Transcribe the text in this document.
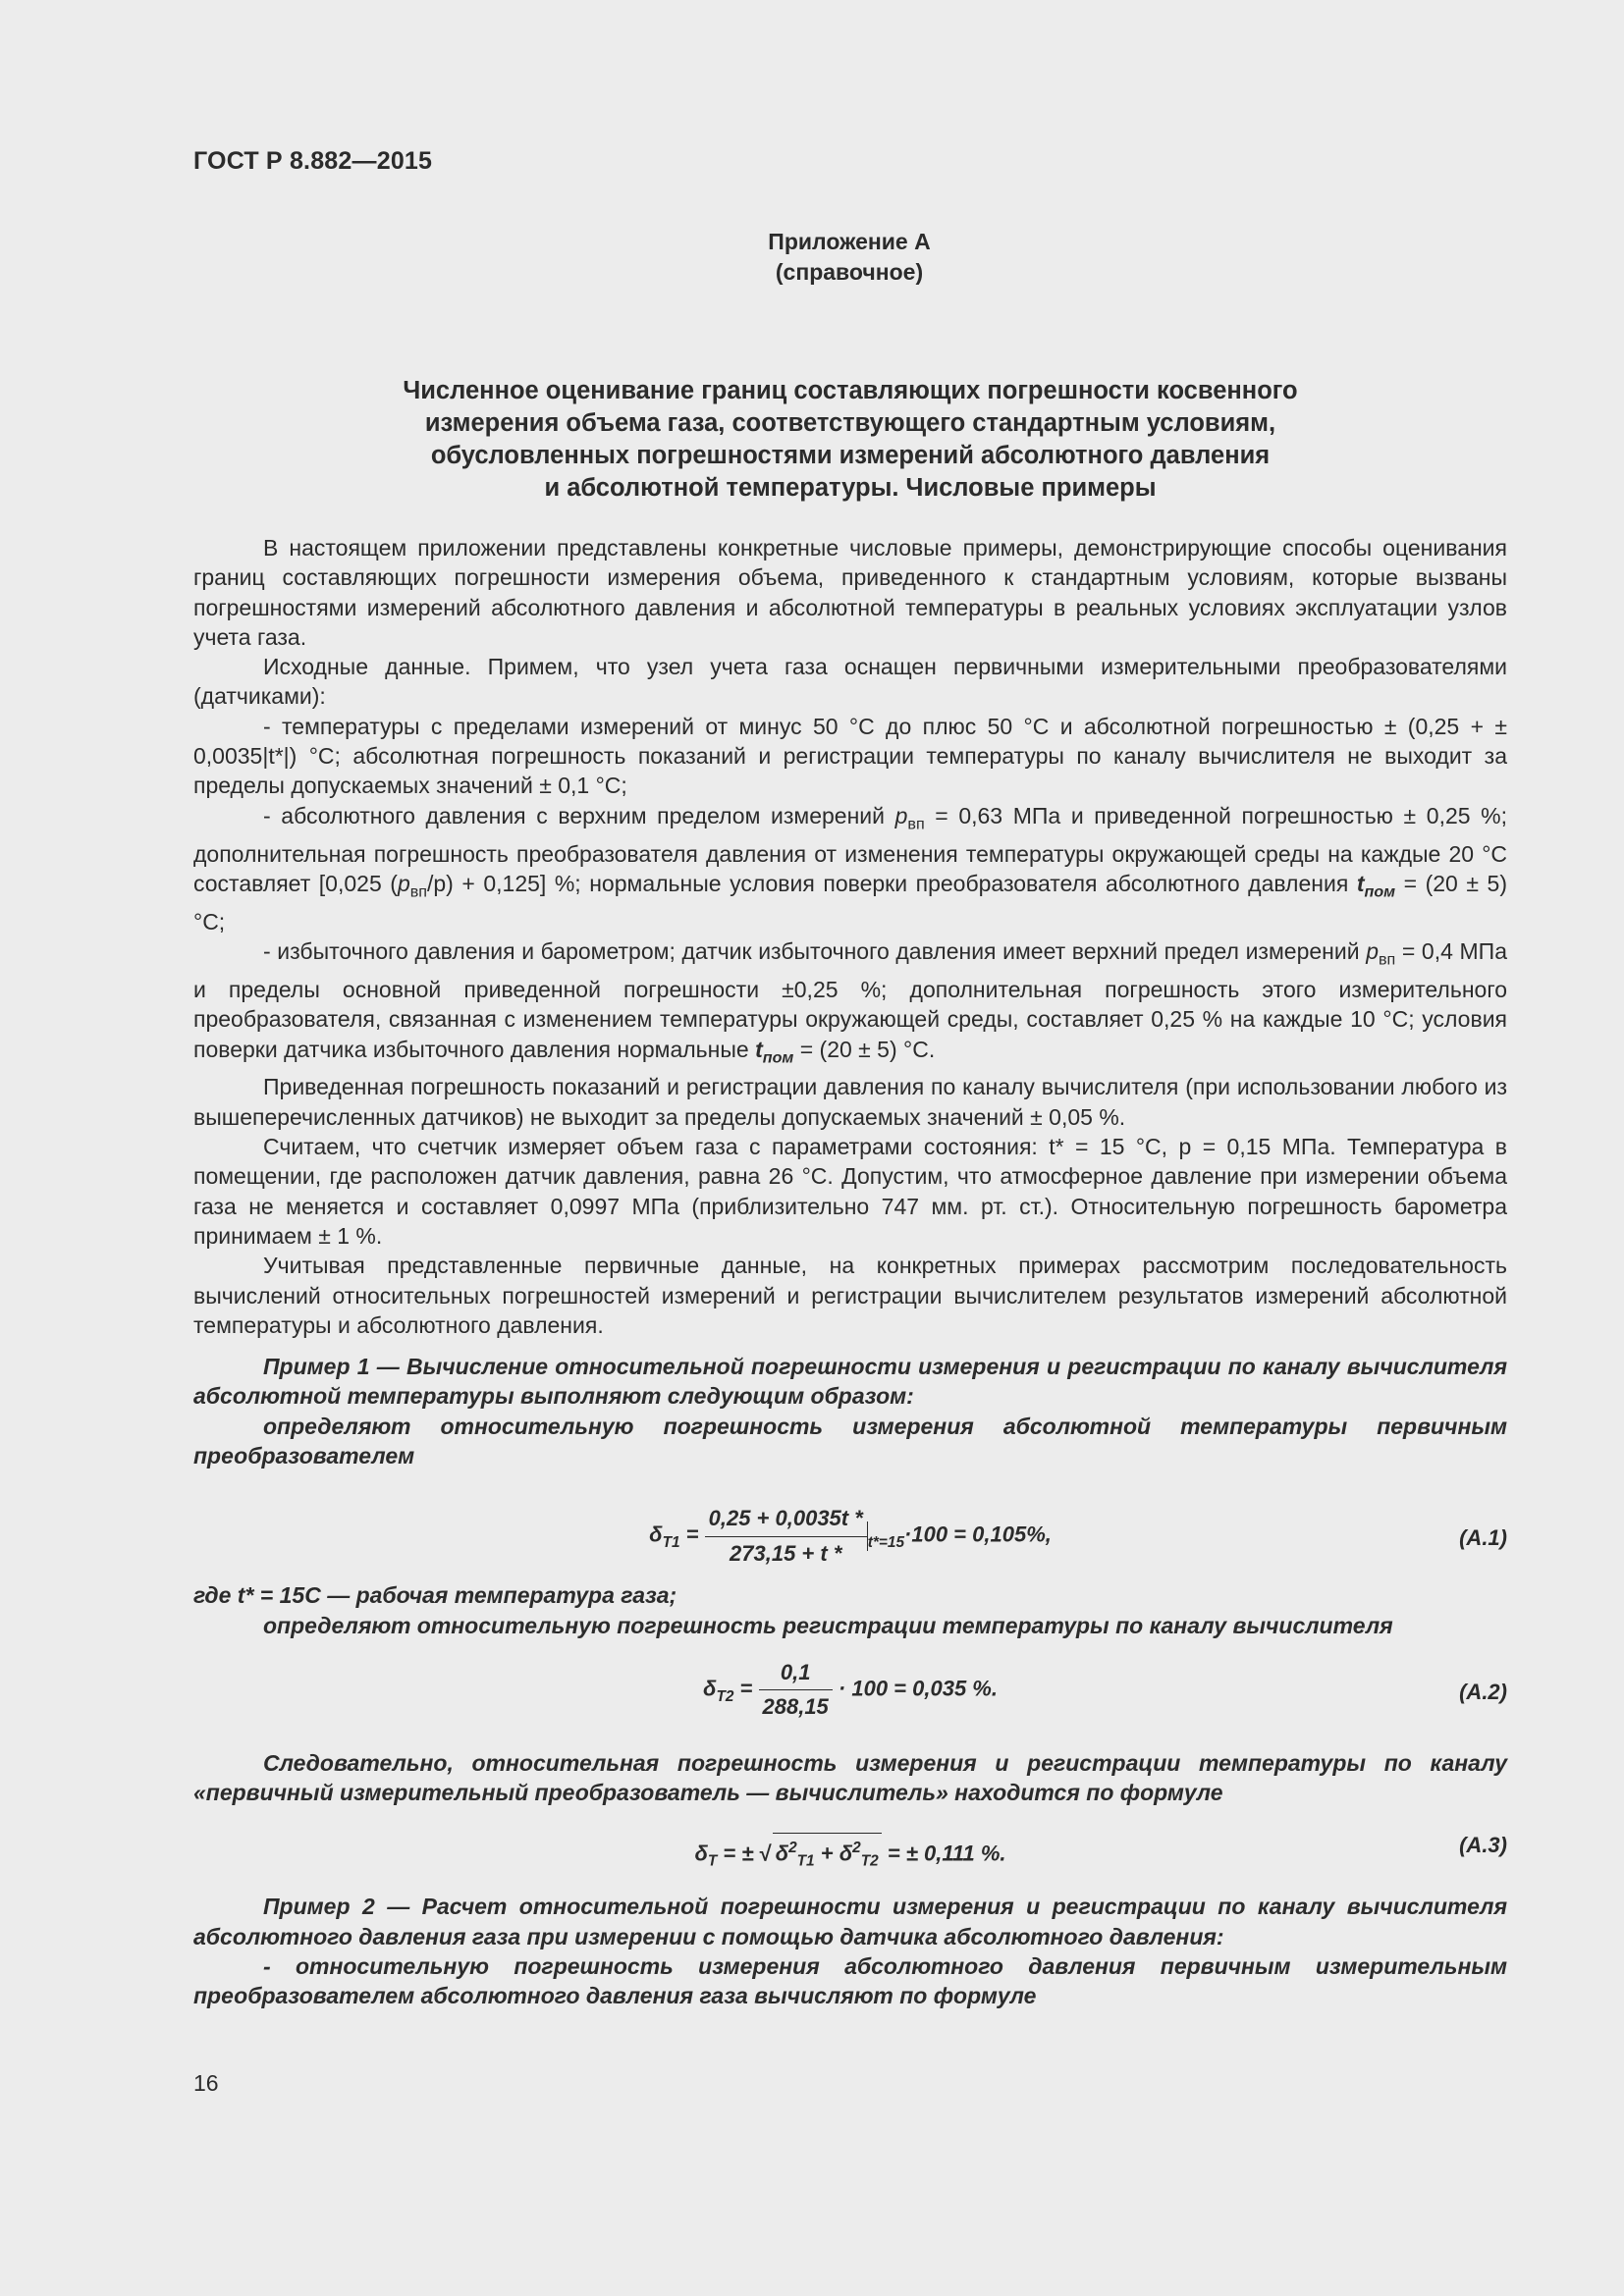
ГОСТ Р 8.882—2015
Приложение А
(справочное)
Численное оценивание границ составляющих погрешности косвенного
измерения объема газа, соответствующего стандартным условиям,
обусловленных погрешностями измерений абсолютного давления
и абсолютной температуры. Числовые примеры

В настоящем приложении представлены конкретные числовые примеры, демонстрирующие способы оценивания границ составляющих погрешности измерения объема, приведенного к стандартным условиям, которые вызваны погрешностями измерений абсолютного давления и абсолютной температуры в реальных условиях эксплуатации узлов учета газа.

Исходные данные. Примем, что узел учета газа оснащен первичными измерительными преобразователями (датчиками):

- температуры с пределами измерений от минус 50 °С до плюс 50 °С и абсолютной погрешностью ± (0,25 + ± 0,0035|t*|) °С; абсолютная погрешность показаний и регистрации температуры по каналу вычислителя не выходит за пределы допускаемых значений ± 0,1 °С;

- абсолютного давления с верхним пределом измерений $p_{вп} = 0,63$ МПа и приведенной погрешностью ± 0,25 %; дополнительная погрешность преобразователя давления от изменения температуры окружающей среды на каждые 20 °С составляет [0,025 $(p_{вп}/p) + 0,125$] %; нормальные условия поверки преобразователя абсолютного давления $t_{пом} = (20 \pm 5)$ °С;

- избыточного давления и барометром; датчик избыточного давления имеет верхний предел измерений $p_{вп} = 0,4$ МПа и пределы основной приведенной погрешности ±0,25 %; дополнительная погрешность этого измерительного преобразователя, связанная с изменением температуры окружающей среды, составляет 0,25 % на каждые 10 °С; условия поверки датчика избыточного давления нормальные $t_{пом} = (20 \pm 5)$ °С.

Приведенная погрешность показаний и регистрации давления по каналу вычислителя (при использовании любого из вышеперечисленных датчиков) не выходит за пределы допускаемых значений ± 0,05 %.

Считаем, что счетчик измеряет объем газа с параметрами состояния: t* = 15 °С, p = 0,15 МПа. Температура в помещении, где расположен датчик давления, равна 26 °С. Допустим, что атмосферное давление при измерении объема газа не меняется и составляет 0,0997 МПа (приблизительно 747 мм. рт. ст.). Относительную погрешность барометра принимаем ± 1 %.

Учитывая представленные первичные данные, на конкретных примерах рассмотрим последовательность вычислений относительных погрешностей измерений и регистрации вычислителем результатов измерений абсолютной температуры и абсолютного давления.

Пример 1 — Вычисление относительной погрешности измерения и регистрации по каналу вычислителя абсолютной температуры выполняют следующим образом:

определяют относительную погрешность измерения абсолютной температуры первичным преобразователем

$\delta_{T1} = \frac{0,25 + 0,0035t *}{273,15 + t *} _{t*=15}\cdot 100 = 0,105\%$,	(А.1)

где t* = 15С — рабочая температура газа;

определяют относительную погрешность регистрации температуры по каналу вычислителя

$\delta_{T2} = \frac{0,1}{288,15} \cdot 100 = 0,035$ %.	(А.2)

Следовательно, относительная погрешность измерения и регистрации температуры по каналу «первичный измерительный преобразователь — вычислитель» находится по формуле

$\delta_T$ = ± √ $\delta^2_{T1} + \delta^2_{T2}$ = ± 0,111 %.	(А.3)

Пример 2 — Расчет относительной погрешности измерения и регистрации по каналу вычислителя абсолютного давления газа при измерении с помощью датчика абсолютного давления:

- относительную погрешность измерения абсолютного давления первичным измерительным преобразователем абсолютного давления газа вычисляют по формуле

16
